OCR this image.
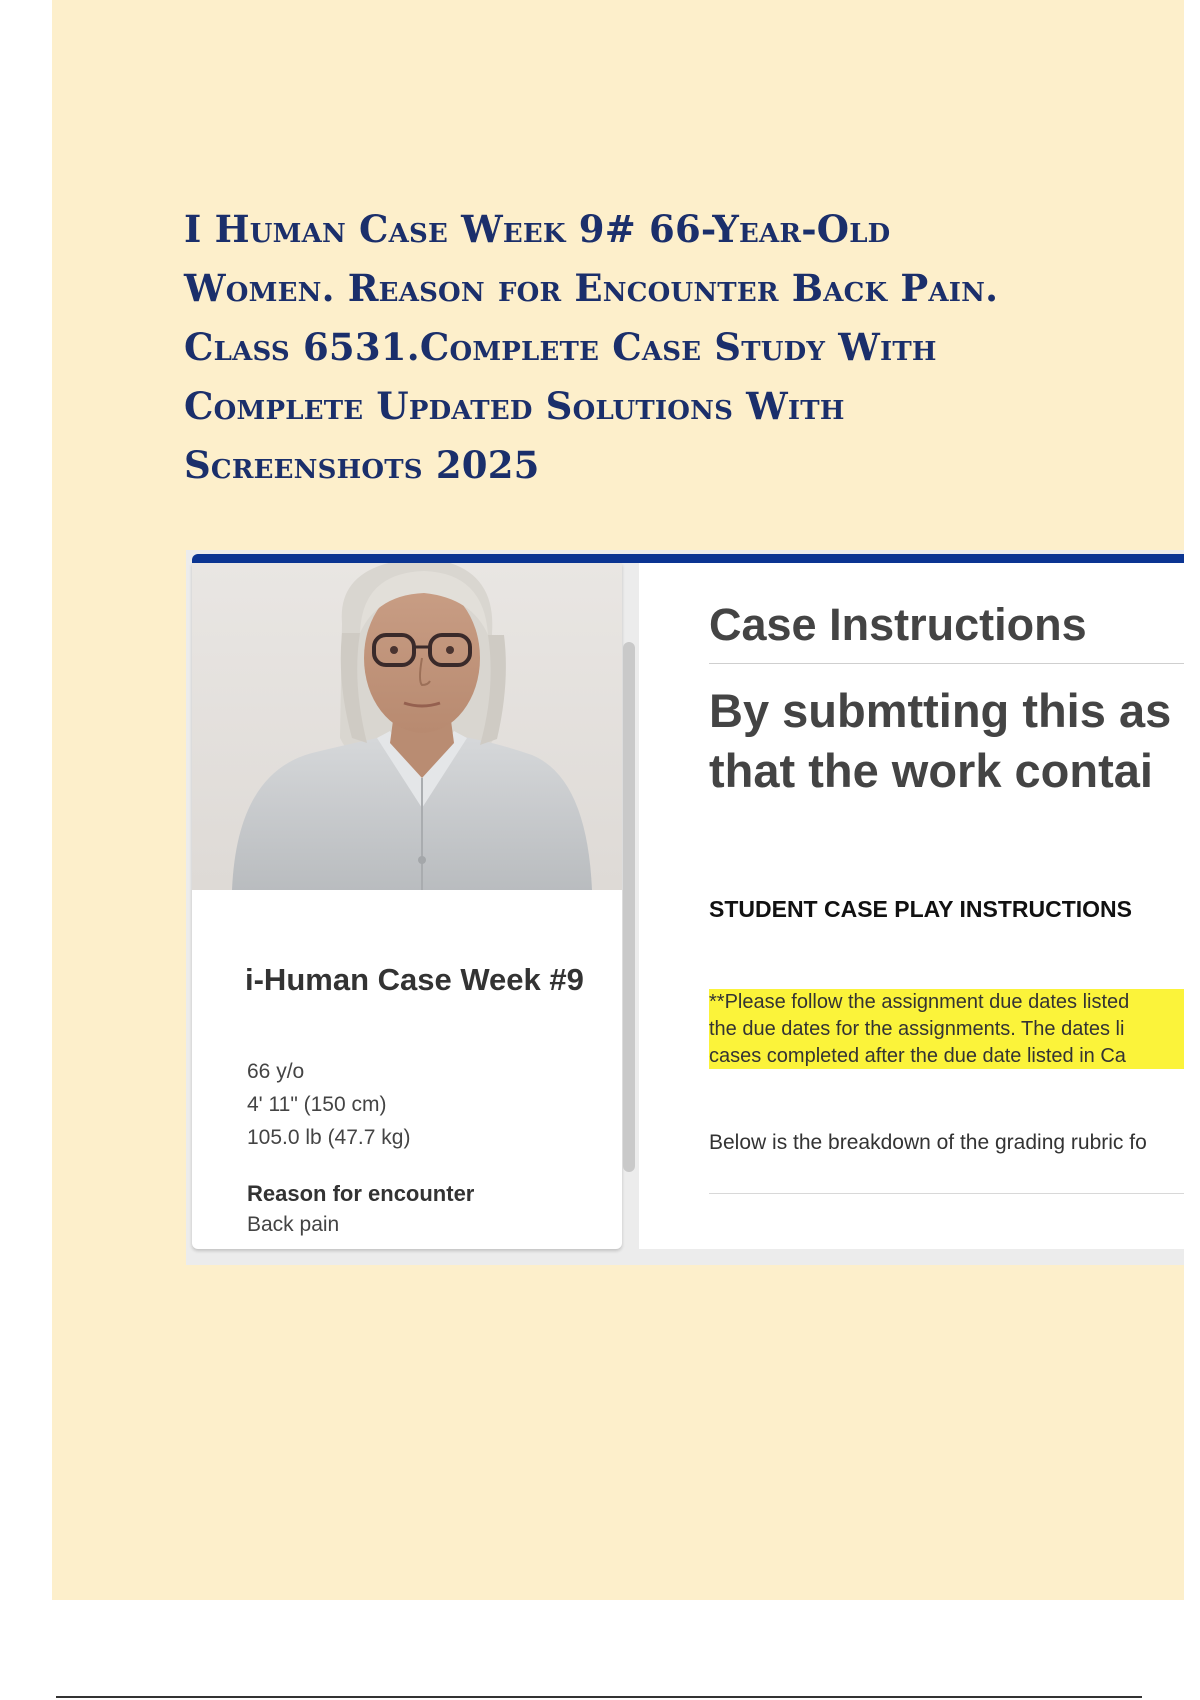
I Human Case Week 9# 66-Year-Old Women. Reason for Encounter Back Pain. Class 6531.Complete Case Study With Complete Updated Solutions With Screenshots 2025
i-Human Case Week #9
66 y/o
4' 11" (150 cm)
105.0 lb (47.7 kg)
Reason for encounter
Back pain
Case Instructions
By submtting this as
that the work contai
STUDENT CASE PLAY INSTRUCTIONS
**Please follow the assignment due dates listed
the due dates for the assignments. The dates li
cases completed after the due date listed in Ca
Below is the breakdown of the grading rubric fo
